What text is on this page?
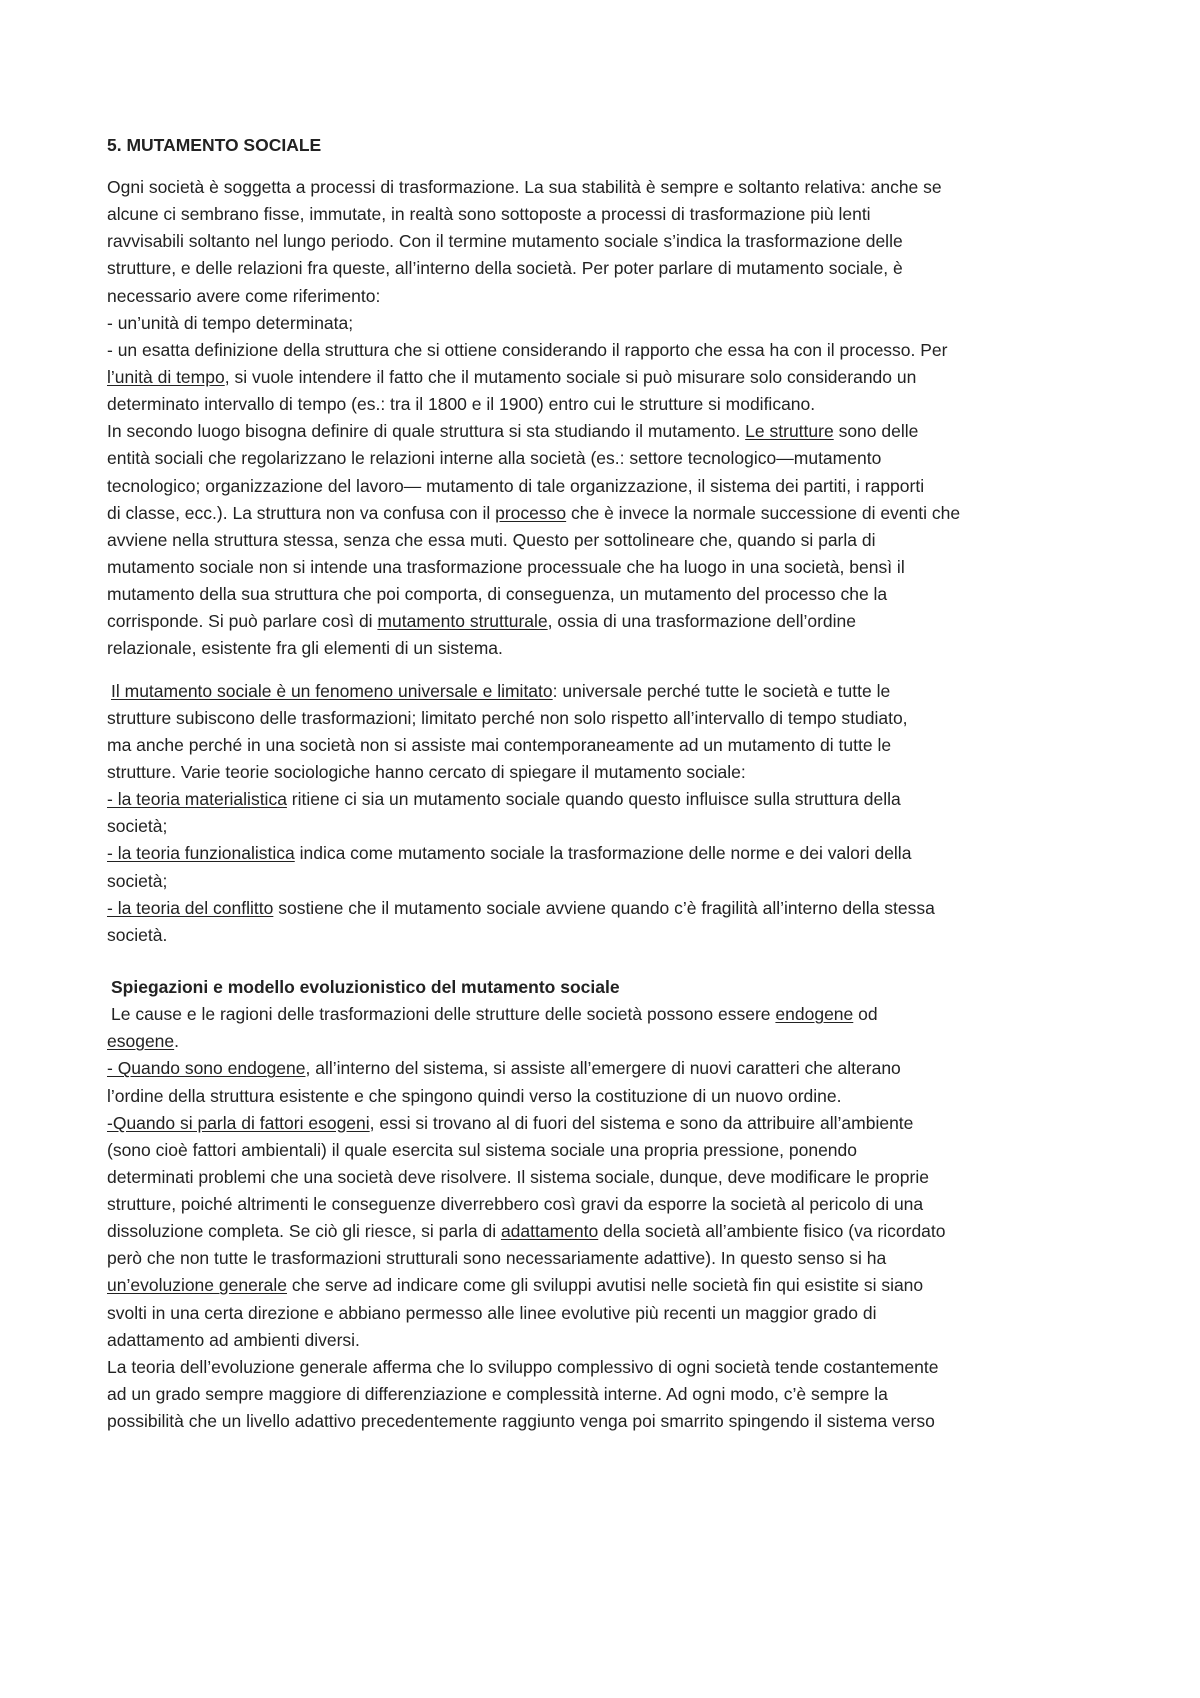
5. MUTAMENTO SOCIALE
Ogni società è soggetta a processi di trasformazione. La sua stabilità è sempre e soltanto relativa: anche se
alcune ci sembrano fisse, immutate, in realtà sono sottoposte a processi di trasformazione più lenti
ravvisabili soltanto nel lungo periodo. Con il termine mutamento sociale s’indica la trasformazione delle
strutture, e delle relazioni fra queste, all’interno della società. Per poter parlare di mutamento sociale, è
necessario avere come riferimento:
- un’unità di tempo determinata;
- un esatta definizione della struttura che si ottiene considerando il rapporto che essa ha con il processo. Per
l’unità di tempo, si vuole intendere il fatto che il mutamento sociale si può misurare solo considerando un
determinato intervallo di tempo (es.: tra il 1800 e il 1900) entro cui le strutture si modificano.
In secondo luogo bisogna definire di quale struttura si sta studiando il mutamento. Le strutture sono delle
entità sociali che regolarizzano le relazioni interne alla società (es.: settore tecnologico—mutamento
tecnologico; organizzazione del lavoro— mutamento di tale organizzazione, il sistema dei partiti, i rapporti
di classe, ecc.). La struttura non va confusa con il processo che è invece la normale successione di eventi che
avviene nella struttura stessa, senza che essa muti. Questo per sottolineare che, quando si parla di
mutamento sociale non si intende una trasformazione processuale che ha luogo in una società, bensì il
mutamento della sua struttura che poi comporta, di conseguenza, un mutamento del processo che la
corrisponde. Si può parlare così di mutamento strutturale, ossia di una trasformazione dell’ordine
relazionale, esistente fra gli elementi di un sistema.
Il mutamento sociale è un fenomeno universale e limitato: universale perché tutte le società e tutte le
strutture subiscono delle trasformazioni; limitato perché non solo rispetto all’intervallo di tempo studiato,
ma anche perché in una società non si assiste mai contemporaneamente ad un mutamento di tutte le
strutture. Varie teorie sociologiche hanno cercato di spiegare il mutamento sociale:
- la teoria materialistica ritiene ci sia un mutamento sociale quando questo influisce sulla struttura della
società;
- la teoria funzionalistica indica come mutamento sociale la trasformazione delle norme e dei valori della
società;
- la teoria del conflitto sostiene che il mutamento sociale avviene quando c’è fragilità all’interno della stessa
società.
Spiegazioni e modello evoluzionistico del mutamento sociale
Le cause e le ragioni delle trasformazioni delle strutture delle società possono essere endogene od
esogene.
- Quando sono endogene, all’interno del sistema, si assiste all’emergere di nuovi caratteri che alterano
l’ordine della struttura esistente e che spingono quindi verso la costituzione di un nuovo ordine.
-Quando si parla di fattori esogeni, essi si trovano al di fuori del sistema e sono da attribuire all’ambiente
(sono cioè fattori ambientali) il quale esercita sul sistema sociale una propria pressione, ponendo
determinati problemi che una società deve risolvere. Il sistema sociale, dunque, deve modificare le proprie
strutture, poiché altrimenti le conseguenze diverrebbero così gravi da esporre la società al pericolo di una
dissoluzione completa. Se ciò gli riesce, si parla di adattamento della società all’ambiente fisico (va ricordato
però che non tutte le trasformazioni strutturali sono necessariamente adattive). In questo senso si ha
un’evoluzione generale che serve ad indicare come gli sviluppi avutisi nelle società fin qui esistite si siano
svolti in una certa direzione e abbiano permesso alle linee evolutive più recenti un maggior grado di
adattamento ad ambienti diversi.
La teoria dell’evoluzione generale afferma che lo sviluppo complessivo di ogni società tende costantemente
ad un grado sempre maggiore di differenziazione e complessità interne. Ad ogni modo, c’è sempre la
possibilità che un livello adattivo precedentemente raggiunto venga poi smarrito spingendo il sistema verso
